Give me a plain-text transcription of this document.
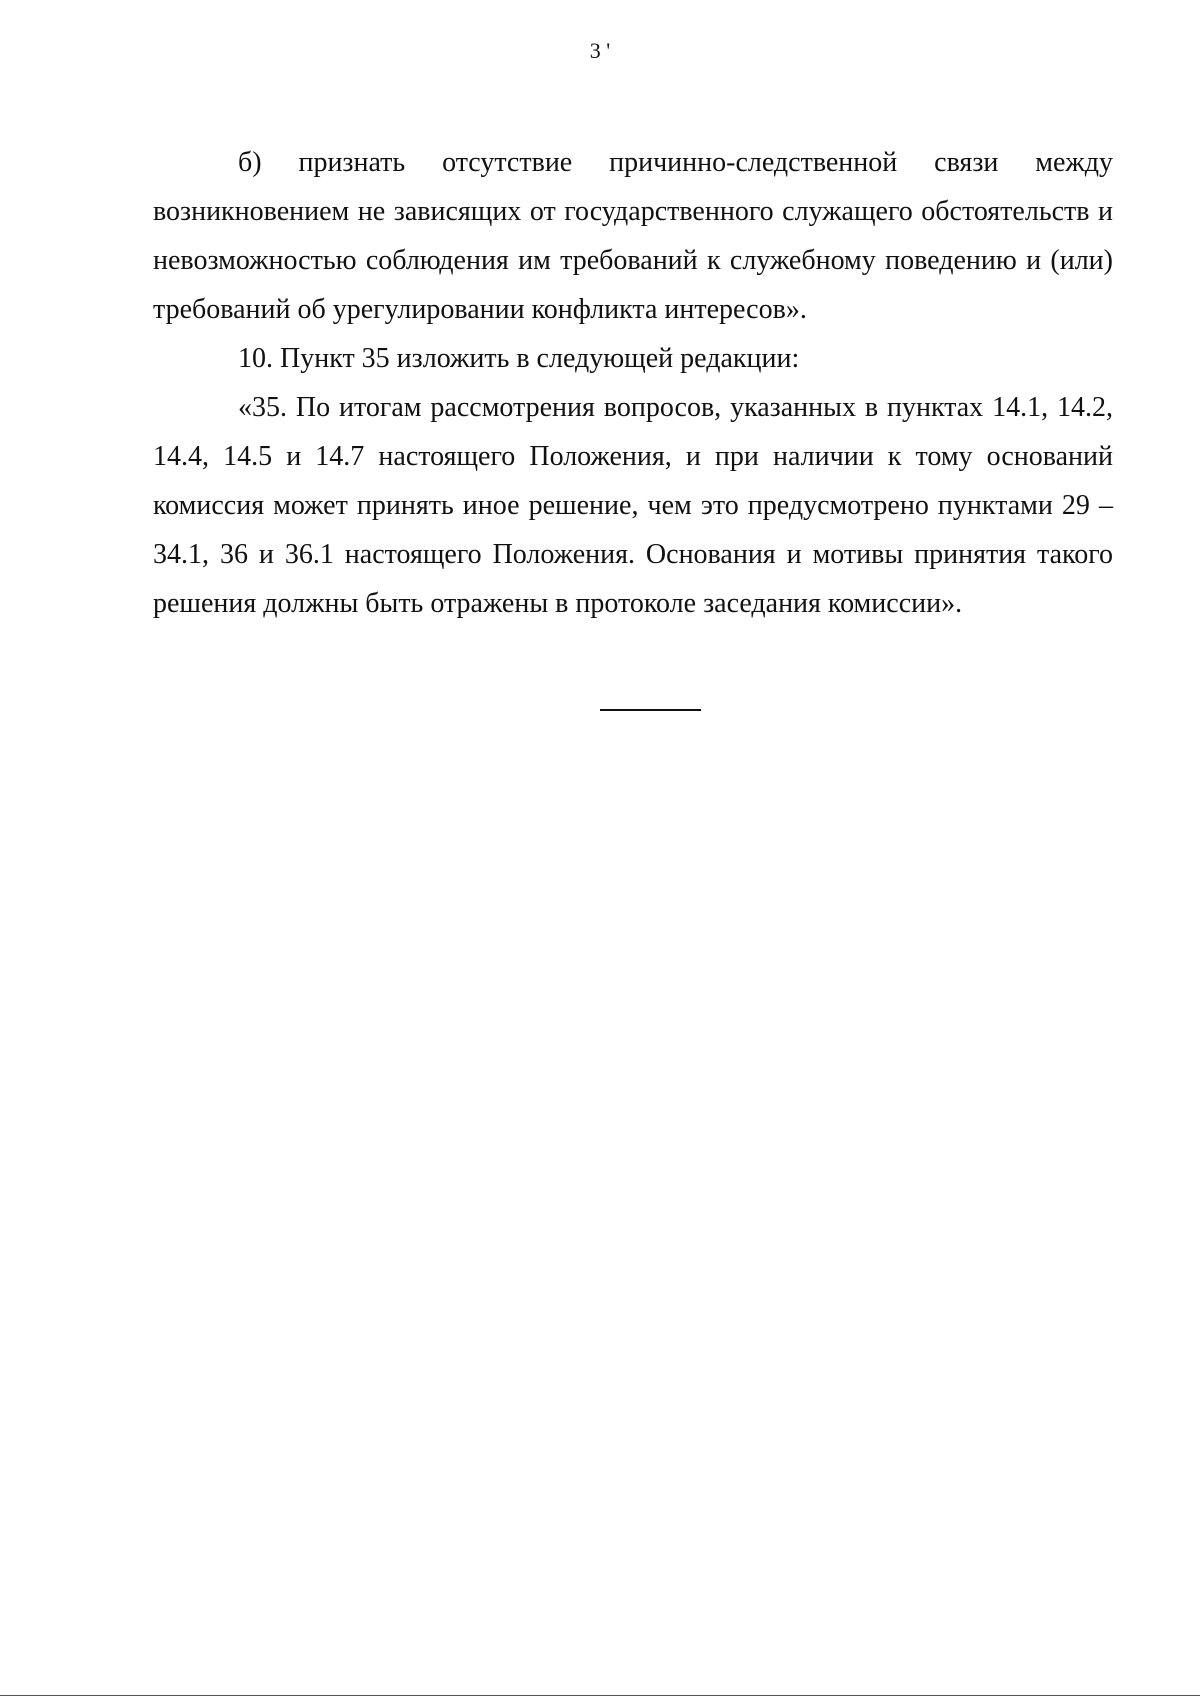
3 '

б) признать отсутствие причинно-следственной связи между возникновением не зависящих от государственного служащего обстоятельств и невозможностью соблюдения им требований к служебному поведению и (или) требований об урегулировании конфликта интересов».

10. Пункт 35 изложить в следующей редакции:

«35. По итогам рассмотрения вопросов, указанных в пунктах 14.1, 14.2, 14.4, 14.5 и 14.7 настоящего Положения, и при наличии к тому оснований комиссия может принять иное решение, чем это предусмотрено пунктами 29 – 34.1, 36 и 36.1 настоящего Положения. Основания и мотивы принятия такого решения должны быть отражены в протоколе заседания комиссии».
